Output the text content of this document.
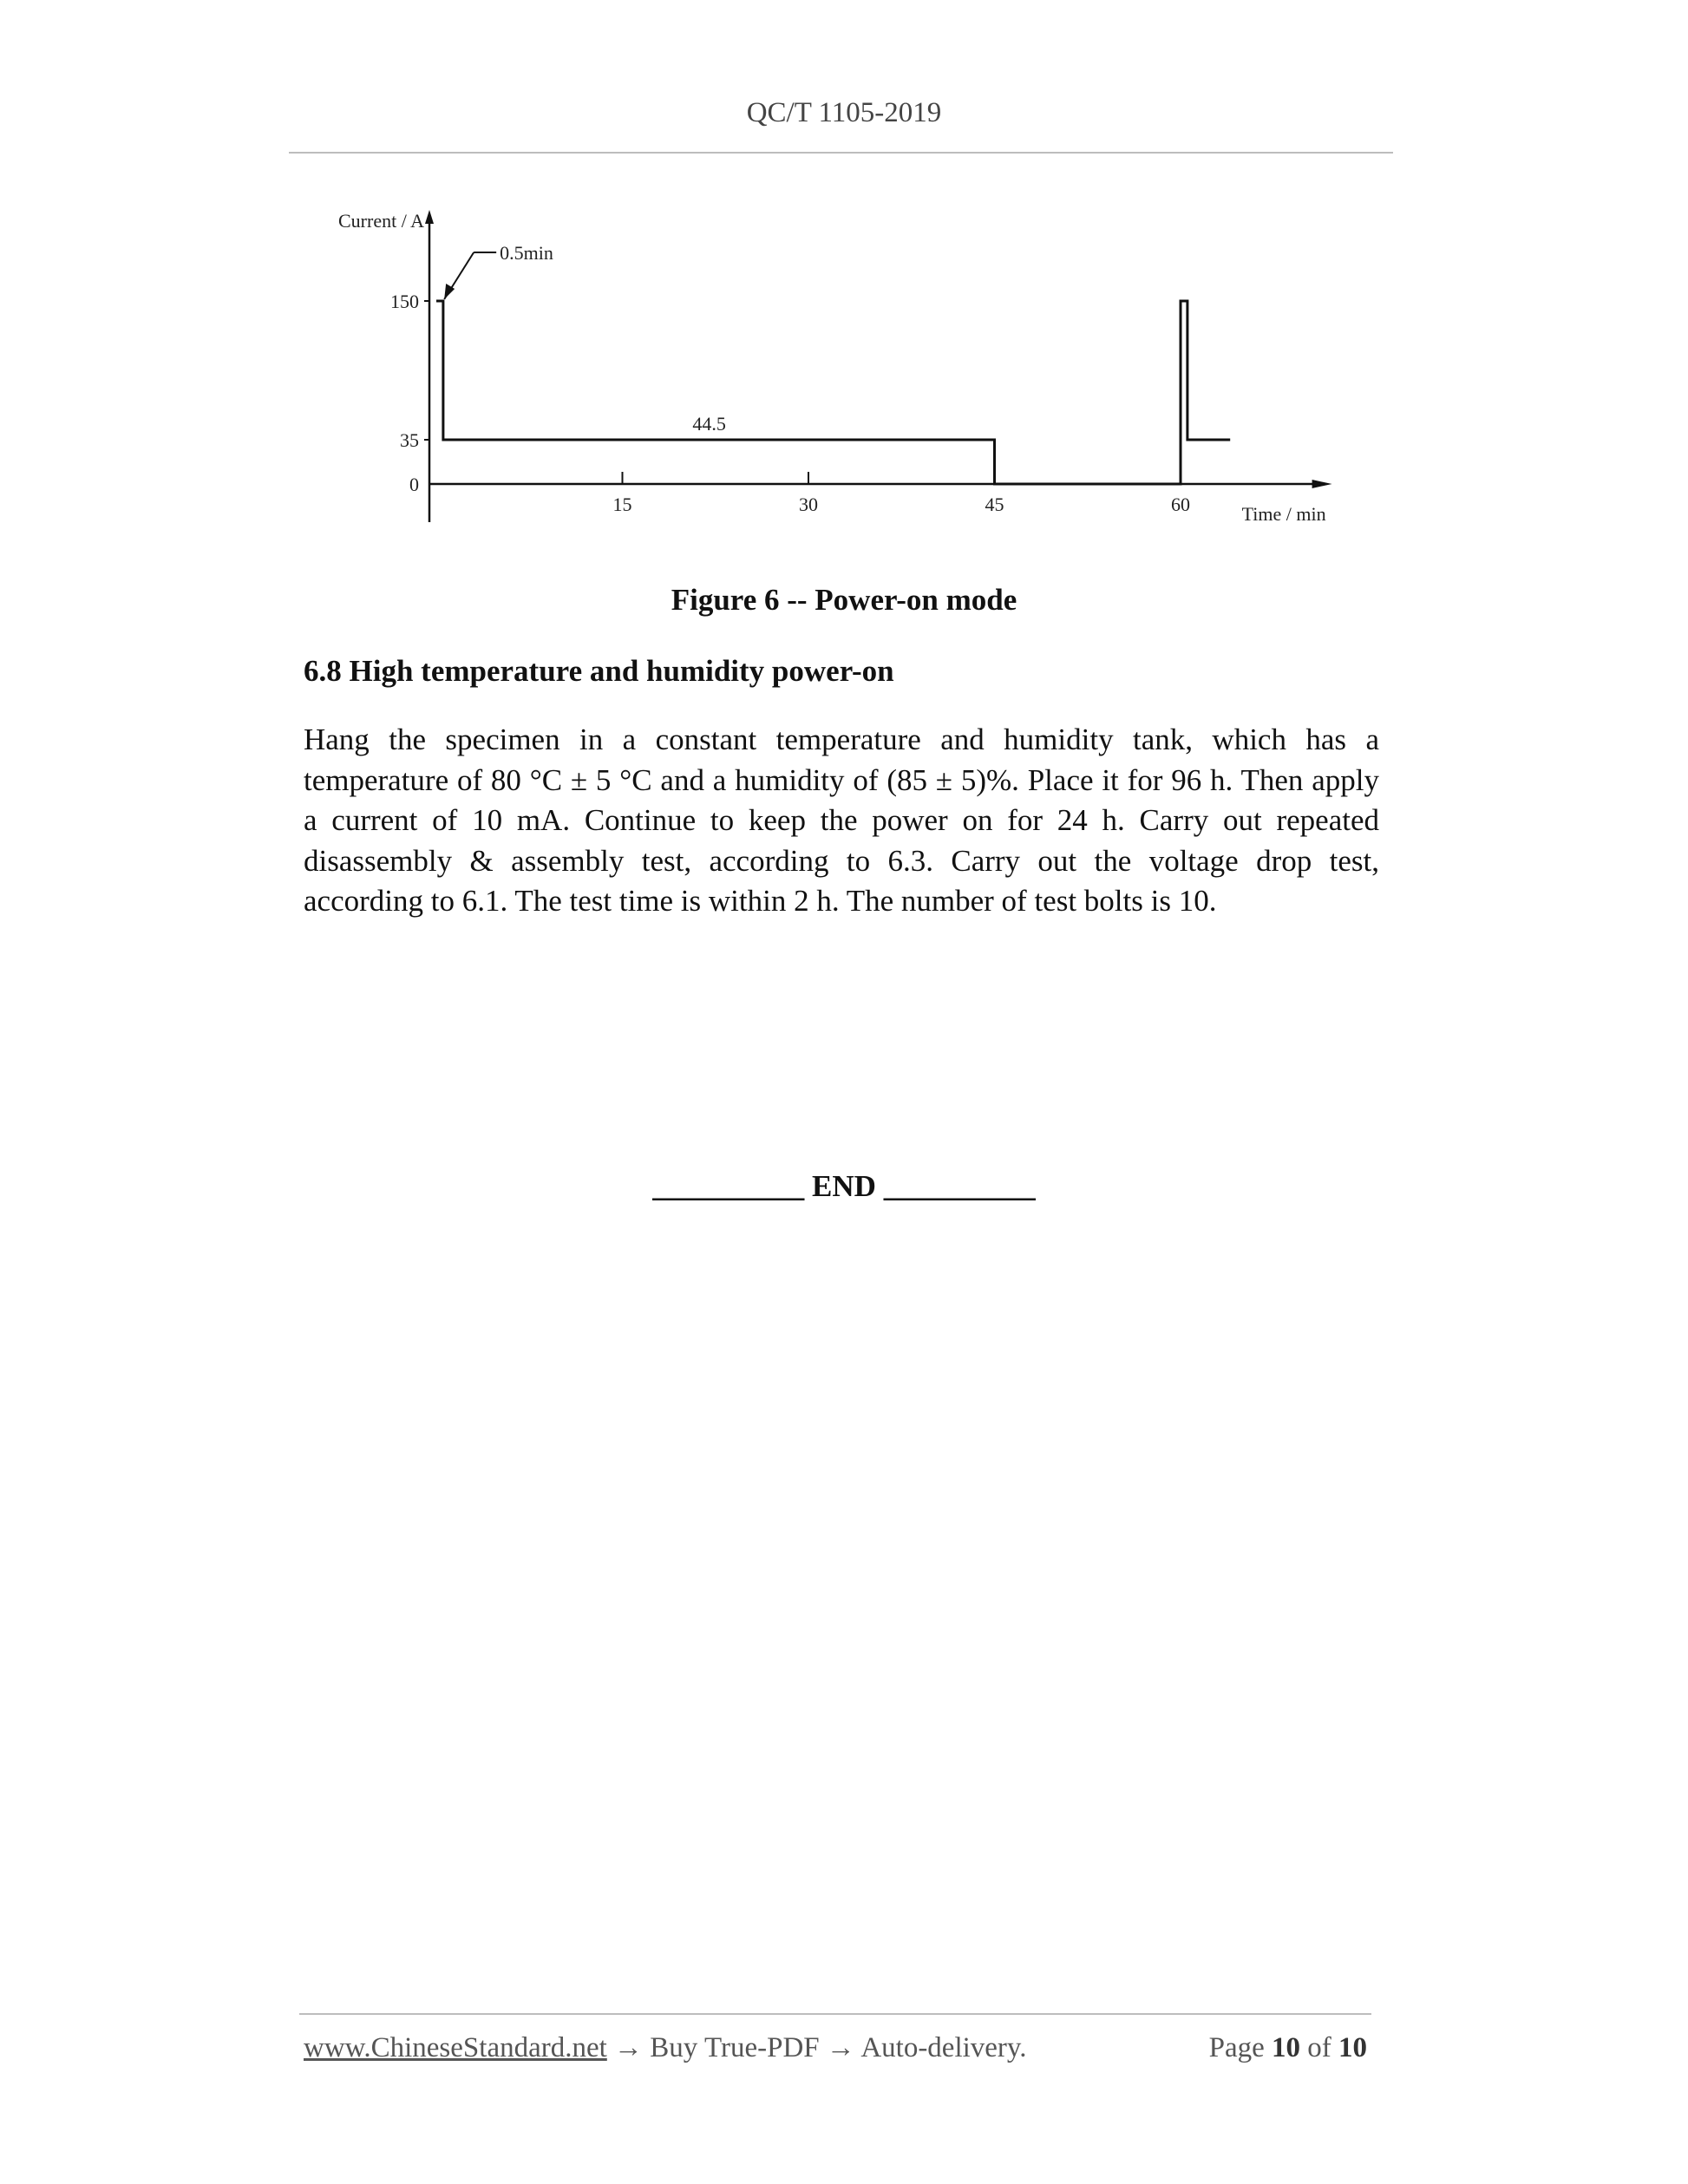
QC/T 1105-2019
0
35
150
15	30	45	60
Current / A
Time / min
0.5min
44.5
Figure 6 -- Power-on mode
6.8 High temperature and humidity power-on
Hang the specimen in a constant temperature and humidity tank, which has a temperature of 80 °C ± 5 °C and a humidity of (85 ± 5)%. Place it for 96 h. Then apply a current of 10 mA. Continue to keep the power on for 24 h. Carry out repeated disassembly & assembly test, according to 6.3. Carry out the voltage drop test, according to 6.1. The test time is within 2 h. The number of test bolts is 10.
__________ END __________
www.ChineseStandard.net → Buy True-PDF → Auto-delivery.	Page 10 of 10
